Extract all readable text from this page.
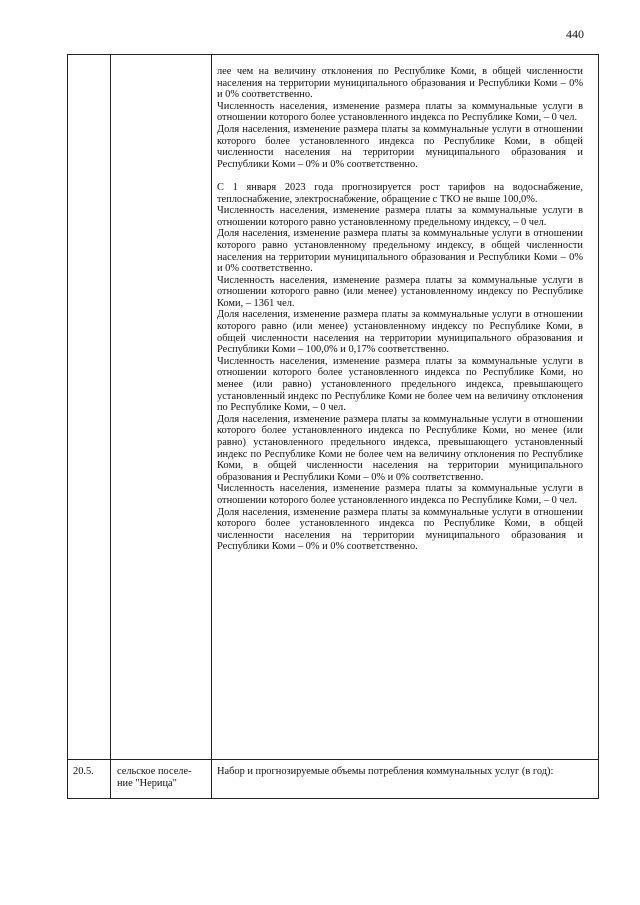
440

лее чем на величину отклонения по Республике Коми, в общей численности населения на территории муниципального образования и Республики Коми – 0% и 0% соответственно.

Численность населения, изменение размера платы за коммунальные услуги в отношении которого более установленного индекса по Республике Коми, – 0 чел.

Доля населения, изменение размера платы за коммунальные услуги в отношении которого более установленного индекса по Республике Коми, в общей численности населения на территории муниципального образования и Республики Коми – 0% и 0% соответственно.

С 1 января 2023 года прогнозируется рост тарифов на водоснабжение, теплоснабжение, электроснабжение, обращение с ТКО не выше 100,0%.

Численность населения, изменение размера платы за коммунальные услуги в отношении которого равно установленному предельному индексу, – 0 чел.

Доля населения, изменение размера платы за коммунальные услуги в отношении которого равно установленному предельному индексу, в общей численности населения на территории муниципального образования и Республики Коми – 0% и 0% соответственно.

Численность населения, изменение размера платы за коммунальные услуги в отношении которого равно (или менее) установленному индексу по Республике Коми, – 1361 чел.

Доля населения, изменение размера платы за коммунальные услуги в отношении которого равно (или менее) установленному индексу по Республике Коми, в общей численности населения на территории муниципального образования и Республики Коми – 100,0% и 0,17% соответственно.

Численность населения, изменение размера платы за коммунальные услуги в отношении которого более установленного индекса по Республике Коми, но менее (или равно) установленного предельного индекса, превышающего установленный индекс по Республике Коми не более чем на величину отклонения по Республике Коми, – 0 чел.

Доля населения, изменение размера платы за коммунальные услуги в отношении которого более установленного индекса по Республике Коми, но менее (или равно) установленного предельного индекса, превышающего установленный индекс по Республике Коми не более чем на величину отклонения по Республике Коми, в общей численности населения на территории муниципального образования и Республики Коми – 0% и 0% соответственно.

Численность населения, изменение размера платы за коммунальные услуги в отношении которого более установленного индекса по Республике Коми, – 0 чел.

Доля населения, изменение размера платы за коммунальные услуги в отношении которого более установленного индекса по Республике Коми, в общей численности населения на территории муниципального образования и Республики Коми – 0% и 0% соответственно.

20.5.	сельское поселе-
ние "Нерица"
Набор и прогнозируемые объемы потребления коммунальных услуг (в год):
